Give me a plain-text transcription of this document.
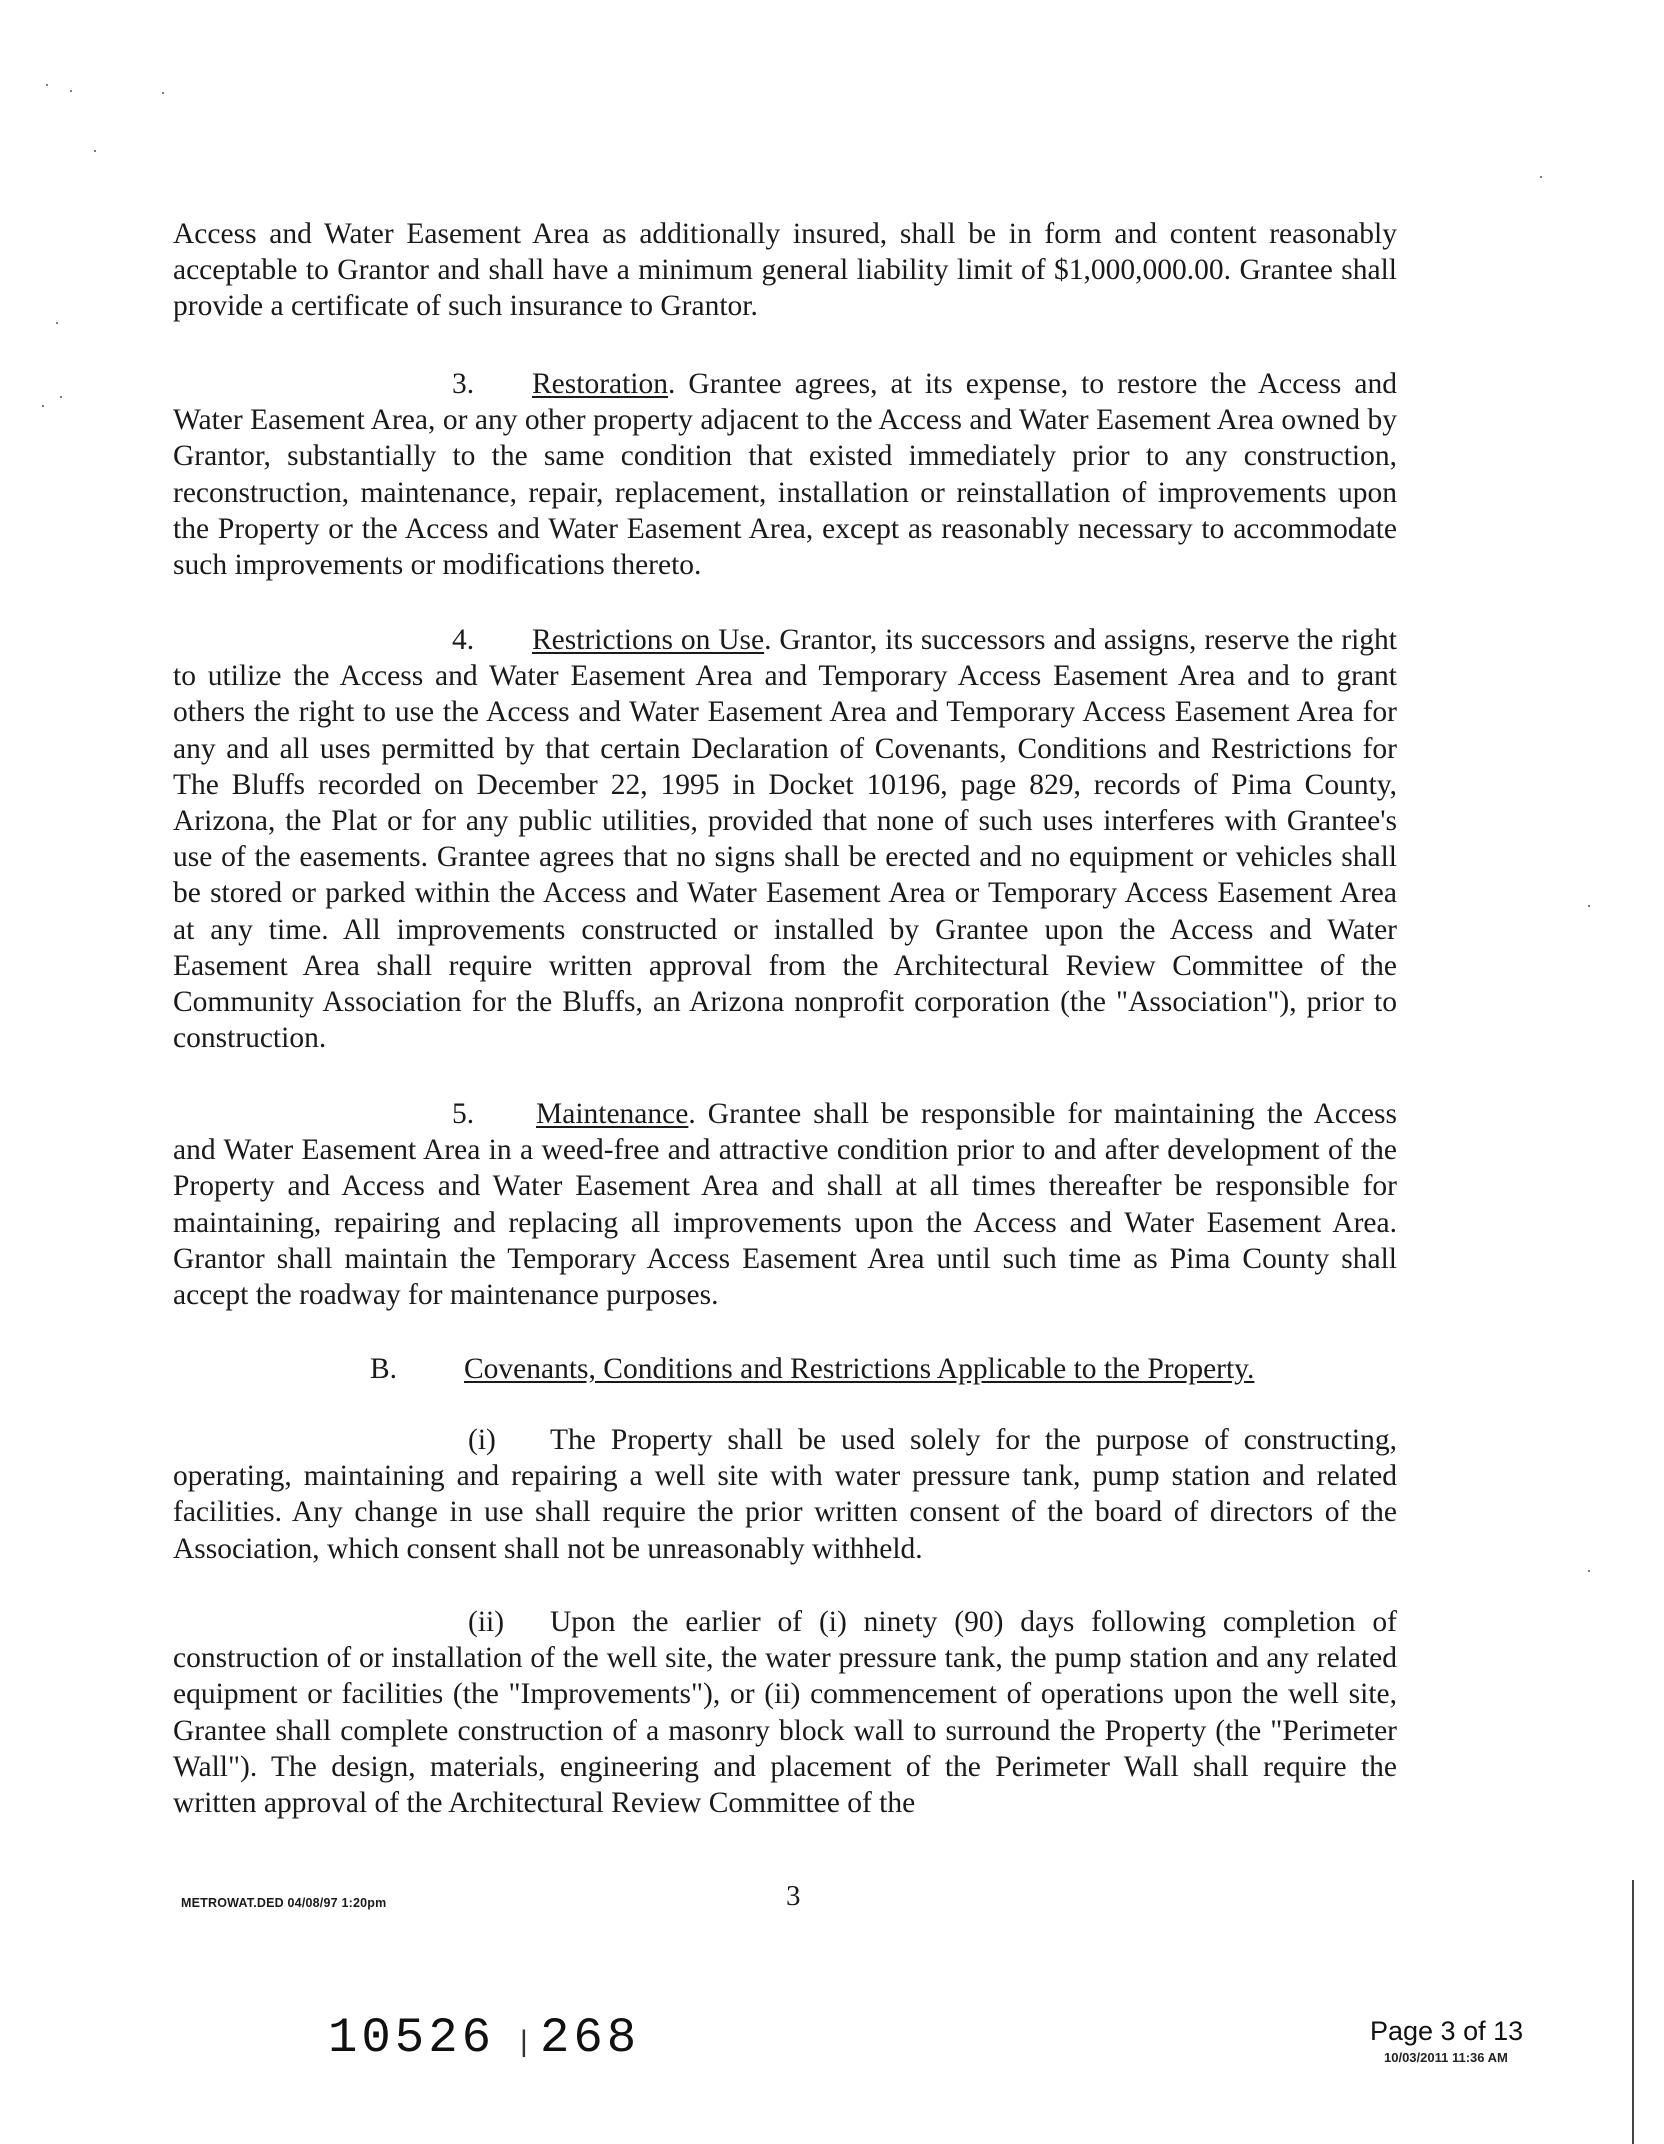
Access and Water Easement Area as additionally insured, shall be in form and content reasonably acceptable to Grantor and shall have a minimum general liability limit of $1,000,000.00. Grantee shall provide a certificate of such insurance to Grantor.

3. Restoration. Grantee agrees, at its expense, to restore the Access and Water Easement Area, or any other property adjacent to the Access and Water Easement Area owned by Grantor, substantially to the same condition that existed immediately prior to any construction, reconstruction, maintenance, repair, replacement, installation or reinstallation of improvements upon the Property or the Access and Water Easement Area, except as reasonably necessary to accommodate such improvements or modifications thereto.

4. Restrictions on Use. Grantor, its successors and assigns, reserve the right to utilize the Access and Water Easement Area and Temporary Access Easement Area and to grant others the right to use the Access and Water Easement Area and Temporary Access Easement Area for any and all uses permitted by that certain Declaration of Covenants, Conditions and Restrictions for The Bluffs recorded on December 22, 1995 in Docket 10196, page 829, records of Pima County, Arizona, the Plat or for any public utilities, provided that none of such uses interferes with Grantee's use of the easements. Grantee agrees that no signs shall be erected and no equipment or vehicles shall be stored or parked within the Access and Water Easement Area or Temporary Access Easement Area at any time. All improvements constructed or installed by Grantee upon the Access and Water Easement Area shall require written approval from the Architectural Review Committee of the Community Association for the Bluffs, an Arizona nonprofit corporation (the "Association"), prior to construction.

5. Maintenance. Grantee shall be responsible for maintaining the Access and Water Easement Area in a weed-free and attractive condition prior to and after development of the Property and Access and Water Easement Area and shall at all times thereafter be responsible for maintaining, repairing and replacing all improvements upon the Access and Water Easement Area. Grantor shall maintain the Temporary Access Easement Area until such time as Pima County shall accept the roadway for maintenance purposes.

B. Covenants, Conditions and Restrictions Applicable to the Property.

(i) The Property shall be used solely for the purpose of constructing, operating, maintaining and repairing a well site with water pressure tank, pump station and related facilities. Any change in use shall require the prior written consent of the board of directors of the Association, which consent shall not be unreasonably withheld.

(ii) Upon the earlier of (i) ninety (90) days following completion of construction of or installation of the well site, the water pressure tank, the pump station and any related equipment or facilities (the "Improvements"), or (ii) commencement of operations upon the well site, Grantee shall complete construction of a masonry block wall to surround the Property (the "Perimeter Wall"). The design, materials, engineering and placement of the Perimeter Wall shall require the written approval of the Architectural Review Committee of the

METROWAT.DED 04/08/97 1:20pm	3
10526 | 268	Page 3 of 13
10/03/2011 11:36 AM
